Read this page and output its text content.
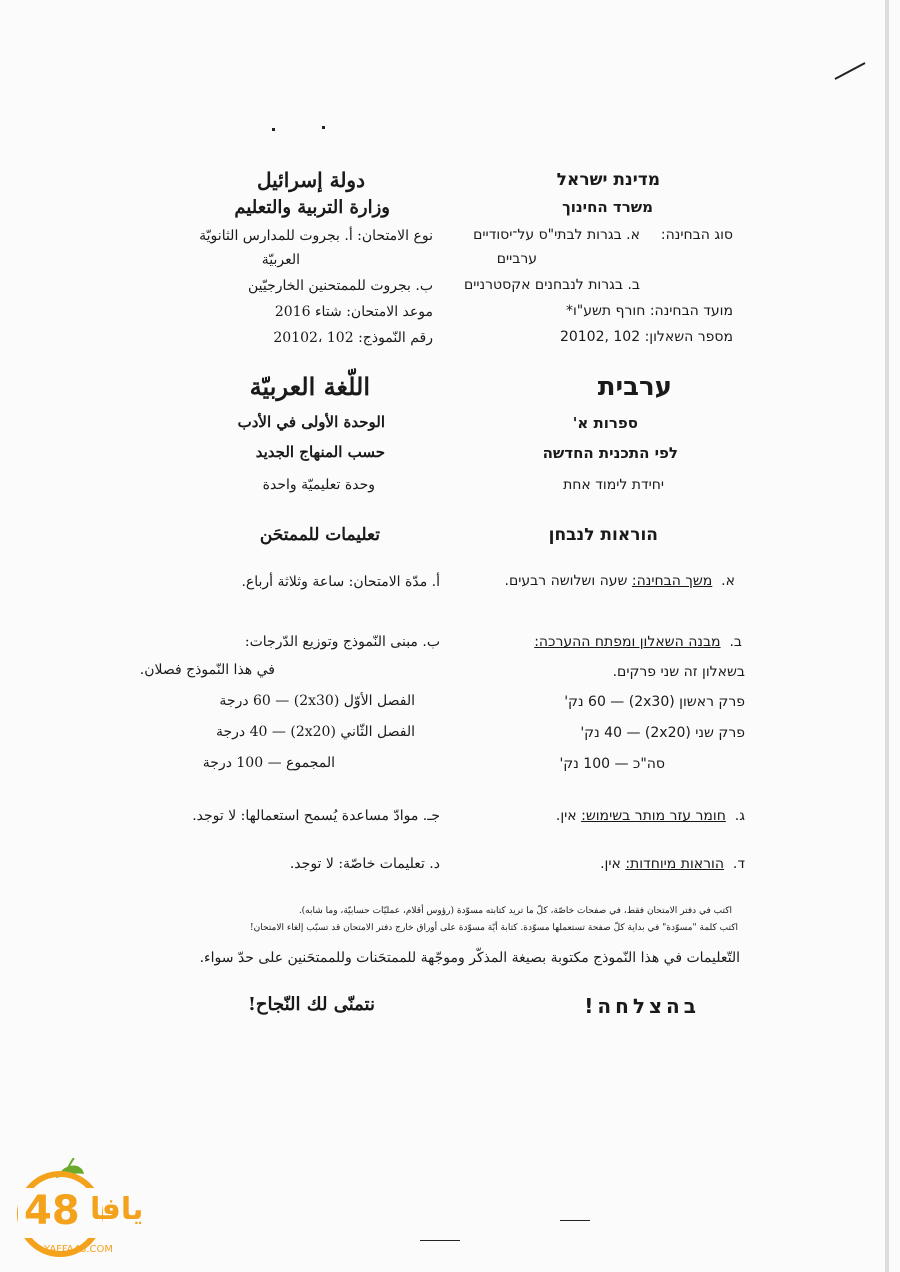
מדינת ישראל
משרד החינוך
סוג הבחינה:
א. בגרות לבתי"ס על־יסודיים
ערביים
ב. בגרות לנבחנים אקסטרניים
מועד הבחינה: חורף תשע"ו*
מספר השאלון: 102 ,20102
دولة إسرائيل
وزارة التربية والتعليم
نوع الامتحان: أ. بجروت للمدارس الثانويّة
العربيّة
ب. بجروت للممتحنين الخارجيّين
موعد الامتحان: شتاء 2016
رقم النّموذج: 102 ،20102
ערבית
ספרות א'
לפי התכנית החדשה
יחידת לימוד אחת
اللّغة العربيّة
الوحدة الأولى في الأدب
حسب المنهاج الجديد
وحدة تعليميّة واحدة
הוראות לנבחן
تعليمات للممتحَن
א.  משך הבחינה: שעה ושלושה רבעים.
ב.  מבנה השאלון ומפתח ההערכה:
בשאלון זה שני פרקים.
פרק ראשון (2x30) — 60 נק'
פרק שני (2x20) — 40 נק'
סה"כ — 100 נק'
ג.  חומר עזר מותר בשימוש: אין.
ד.  הוראות מיוחדות: אין.
أ. مدّة الامتحان: ساعة وثلاثة أرباع.
ب. مبنى النّموذج وتوزيع الدّرجات:
في هذا النّموذج فصلان.
الفصل الأوّل (2x30) — 60 درجة
الفصل الثّاني (2x20) — 40 درجة
المجموع — 100 درجة
جـ. موادّ مساعدة يُسمح استعمالها: لا توجد.
د. تعليمات خاصّة: لا توجد.
اكتب في دفتر الامتحان فقط، في صفحات خاصّة، كلّ ما تريد كتابته مسوّدة (رؤوس أقلام، عمليّات حسابيّة، وما شابه).
اكتب كلمة "مسوّدة" في بداية كلّ صفحة تستعملها مسوّدة. كتابة أيّة مسوّدة على أوراق خارج دفتر الامتحان قد تسبّب إلغاء الامتحان!
التّعليمات في هذا النّموذج مكتوبة بصيغة المذكّر وموجّهة للممتحَنات وللممتحَنين على حدّ سواء.
בהצלחה!
نتمنّى لك النّجاح!
يافا
48
YAFFA48.COM
